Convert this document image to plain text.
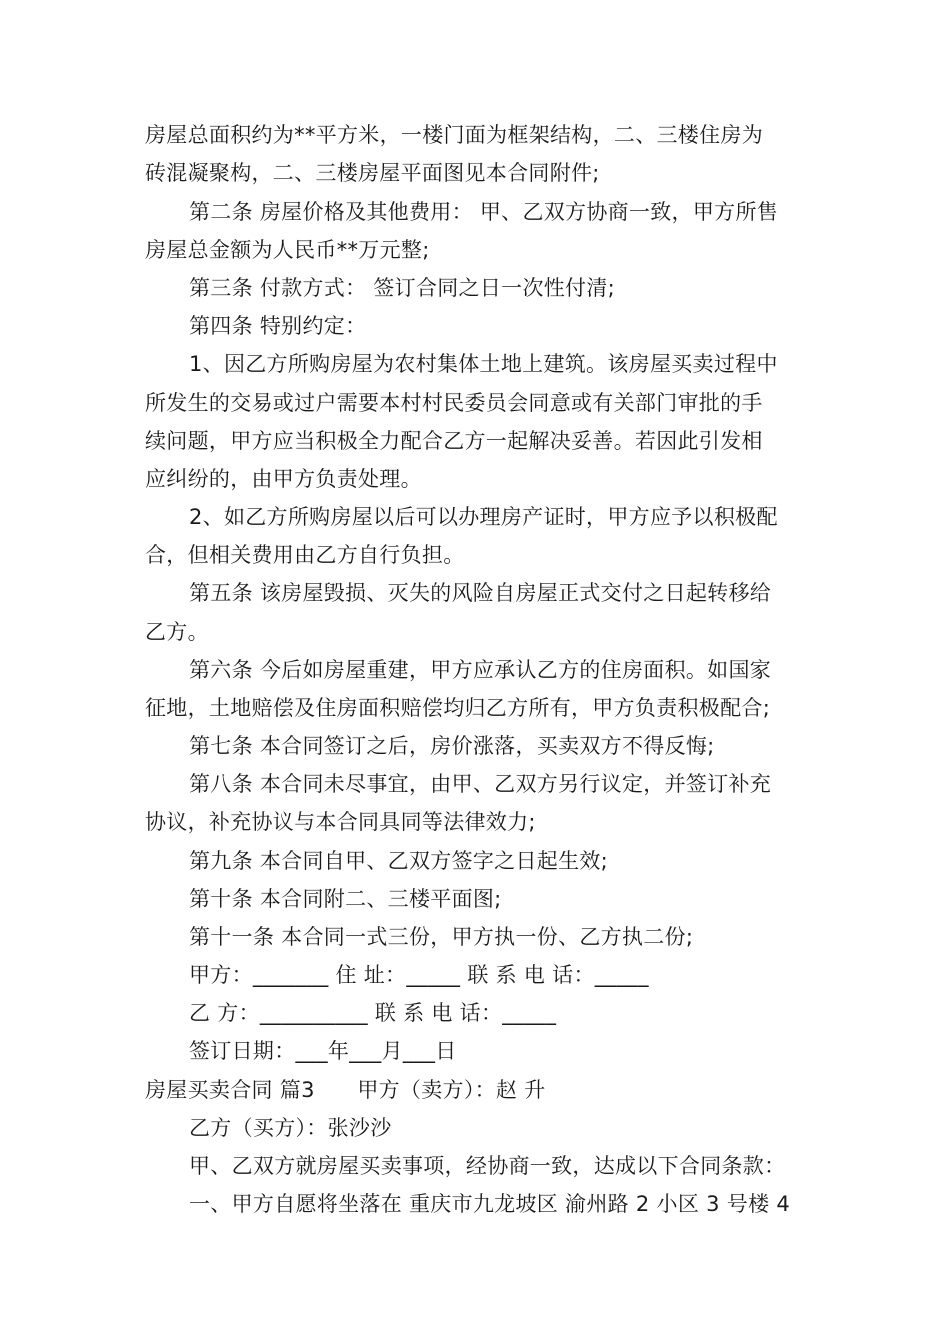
房屋总面积约为**平方米，一楼门面为框架结构，二、三楼住房为
砖混凝聚构，二、三楼房屋平面图见本合同附件;
第二条 房屋价格及其他费用： 甲、乙双方协商一致，甲方所售
房屋总金额为人民币**万元整;
第三条 付款方式： 签订合同之日一次性付清;
第四条 特别约定：
1、因乙方所购房屋为农村集体土地上建筑。该房屋买卖过程中
所发生的交易或过户需要本村村民委员会同意或有关部门审批的手
续问题，甲方应当积极全力配合乙方一起解决妥善。若因此引发相
应纠纷的，由甲方负责处理。
2、如乙方所购房屋以后可以办理房产证时，甲方应予以积极配
合，但相关费用由乙方自行负担。
第五条 该房屋毁损、灭失的风险自房屋正式交付之日起转移给
乙方。
第六条 今后如房屋重建，甲方应承认乙方的住房面积。如国家
征地，土地赔偿及住房面积赔偿均归乙方所有，甲方负责积极配合;
第七条 本合同签订之后，房价涨落，买卖双方不得反悔;
第八条 本合同未尽事宜，由甲、乙双方另行议定，并签订补充
协议，补充协议与本合同具同等法律效力;
第九条 本合同自甲、乙双方签字之日起生效;
第十条 本合同附二、三楼平面图;
第十一条 本合同一式三份，甲方执一份、乙方执二份;
甲方：_______ 住 址：_____ 联 系 电 话：_____
乙 方：__________ 联 系 电 话：_____
签订日期：___年___月___日
房屋买卖合同 篇3　　甲方（卖方）：赵 升
乙方（买方）：张沙沙
甲、乙双方就房屋买卖事项，经协商一致，达成以下合同条款：
一、甲方自愿将坐落在 重庆市九龙坡区 渝州路 2 小区 3 号楼 4
